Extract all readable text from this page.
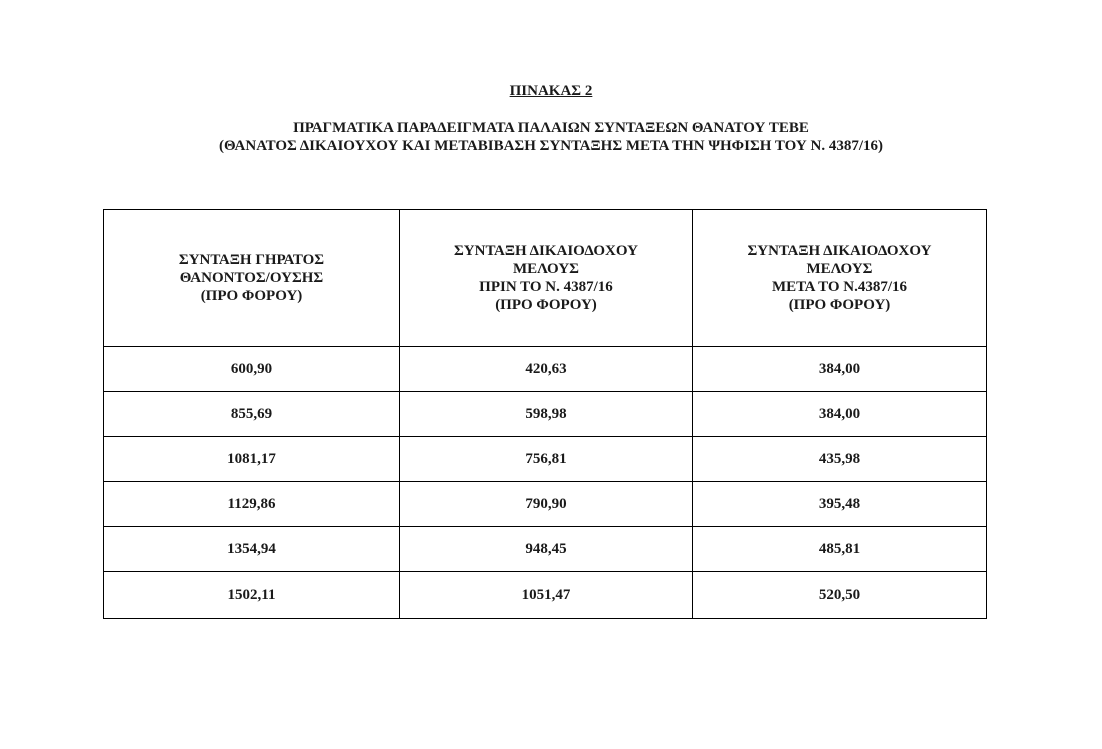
ΠΙΝΑΚΑΣ 2
ΠΡΑΓΜΑΤΙΚΑ ΠΑΡΑΔΕΙΓΜΑΤΑ ΠΑΛΑΙΩΝ ΣΥΝΤΑΞΕΩΝ ΘΑΝΑΤΟΥ ΤΕΒΕ
(ΘΑΝΑΤΟΣ ΔΙΚΑΙΟΥΧΟΥ ΚΑΙ ΜΕΤΑΒΙΒΑΣΗ ΣΥΝΤΑΞΗΣ ΜΕΤΑ ΤΗΝ ΨΗΦΙΣΗ ΤΟΥ Ν. 4387/16)
ΣΥΝΤΑΞΗ ΓΗΡΑΤΟΣ
ΘΑΝΟΝΤΟΣ/ΟΥΣΗΣ
(ΠΡΟ ΦΟΡΟΥ)	ΣΥΝΤΑΞΗ ΔΙΚΑΙΟΔΟΧΟΥ
ΜΕΛΟΥΣ
ΠΡΙΝ ΤΟ Ν. 4387/16
(ΠΡΟ ΦΟΡΟΥ)	ΣΥΝΤΑΞΗ ΔΙΚΑΙΟΔΟΧΟΥ
ΜΕΛΟΥΣ
ΜΕΤΑ ΤΟ Ν.4387/16
(ΠΡΟ ΦΟΡΟΥ)

600,90	420,63	384,00
855,69	598,98	384,00
1081,17	756,81	435,98
1129,86	790,90	395,48
1354,94	948,45	485,81
1502,11	1051,47	520,50
